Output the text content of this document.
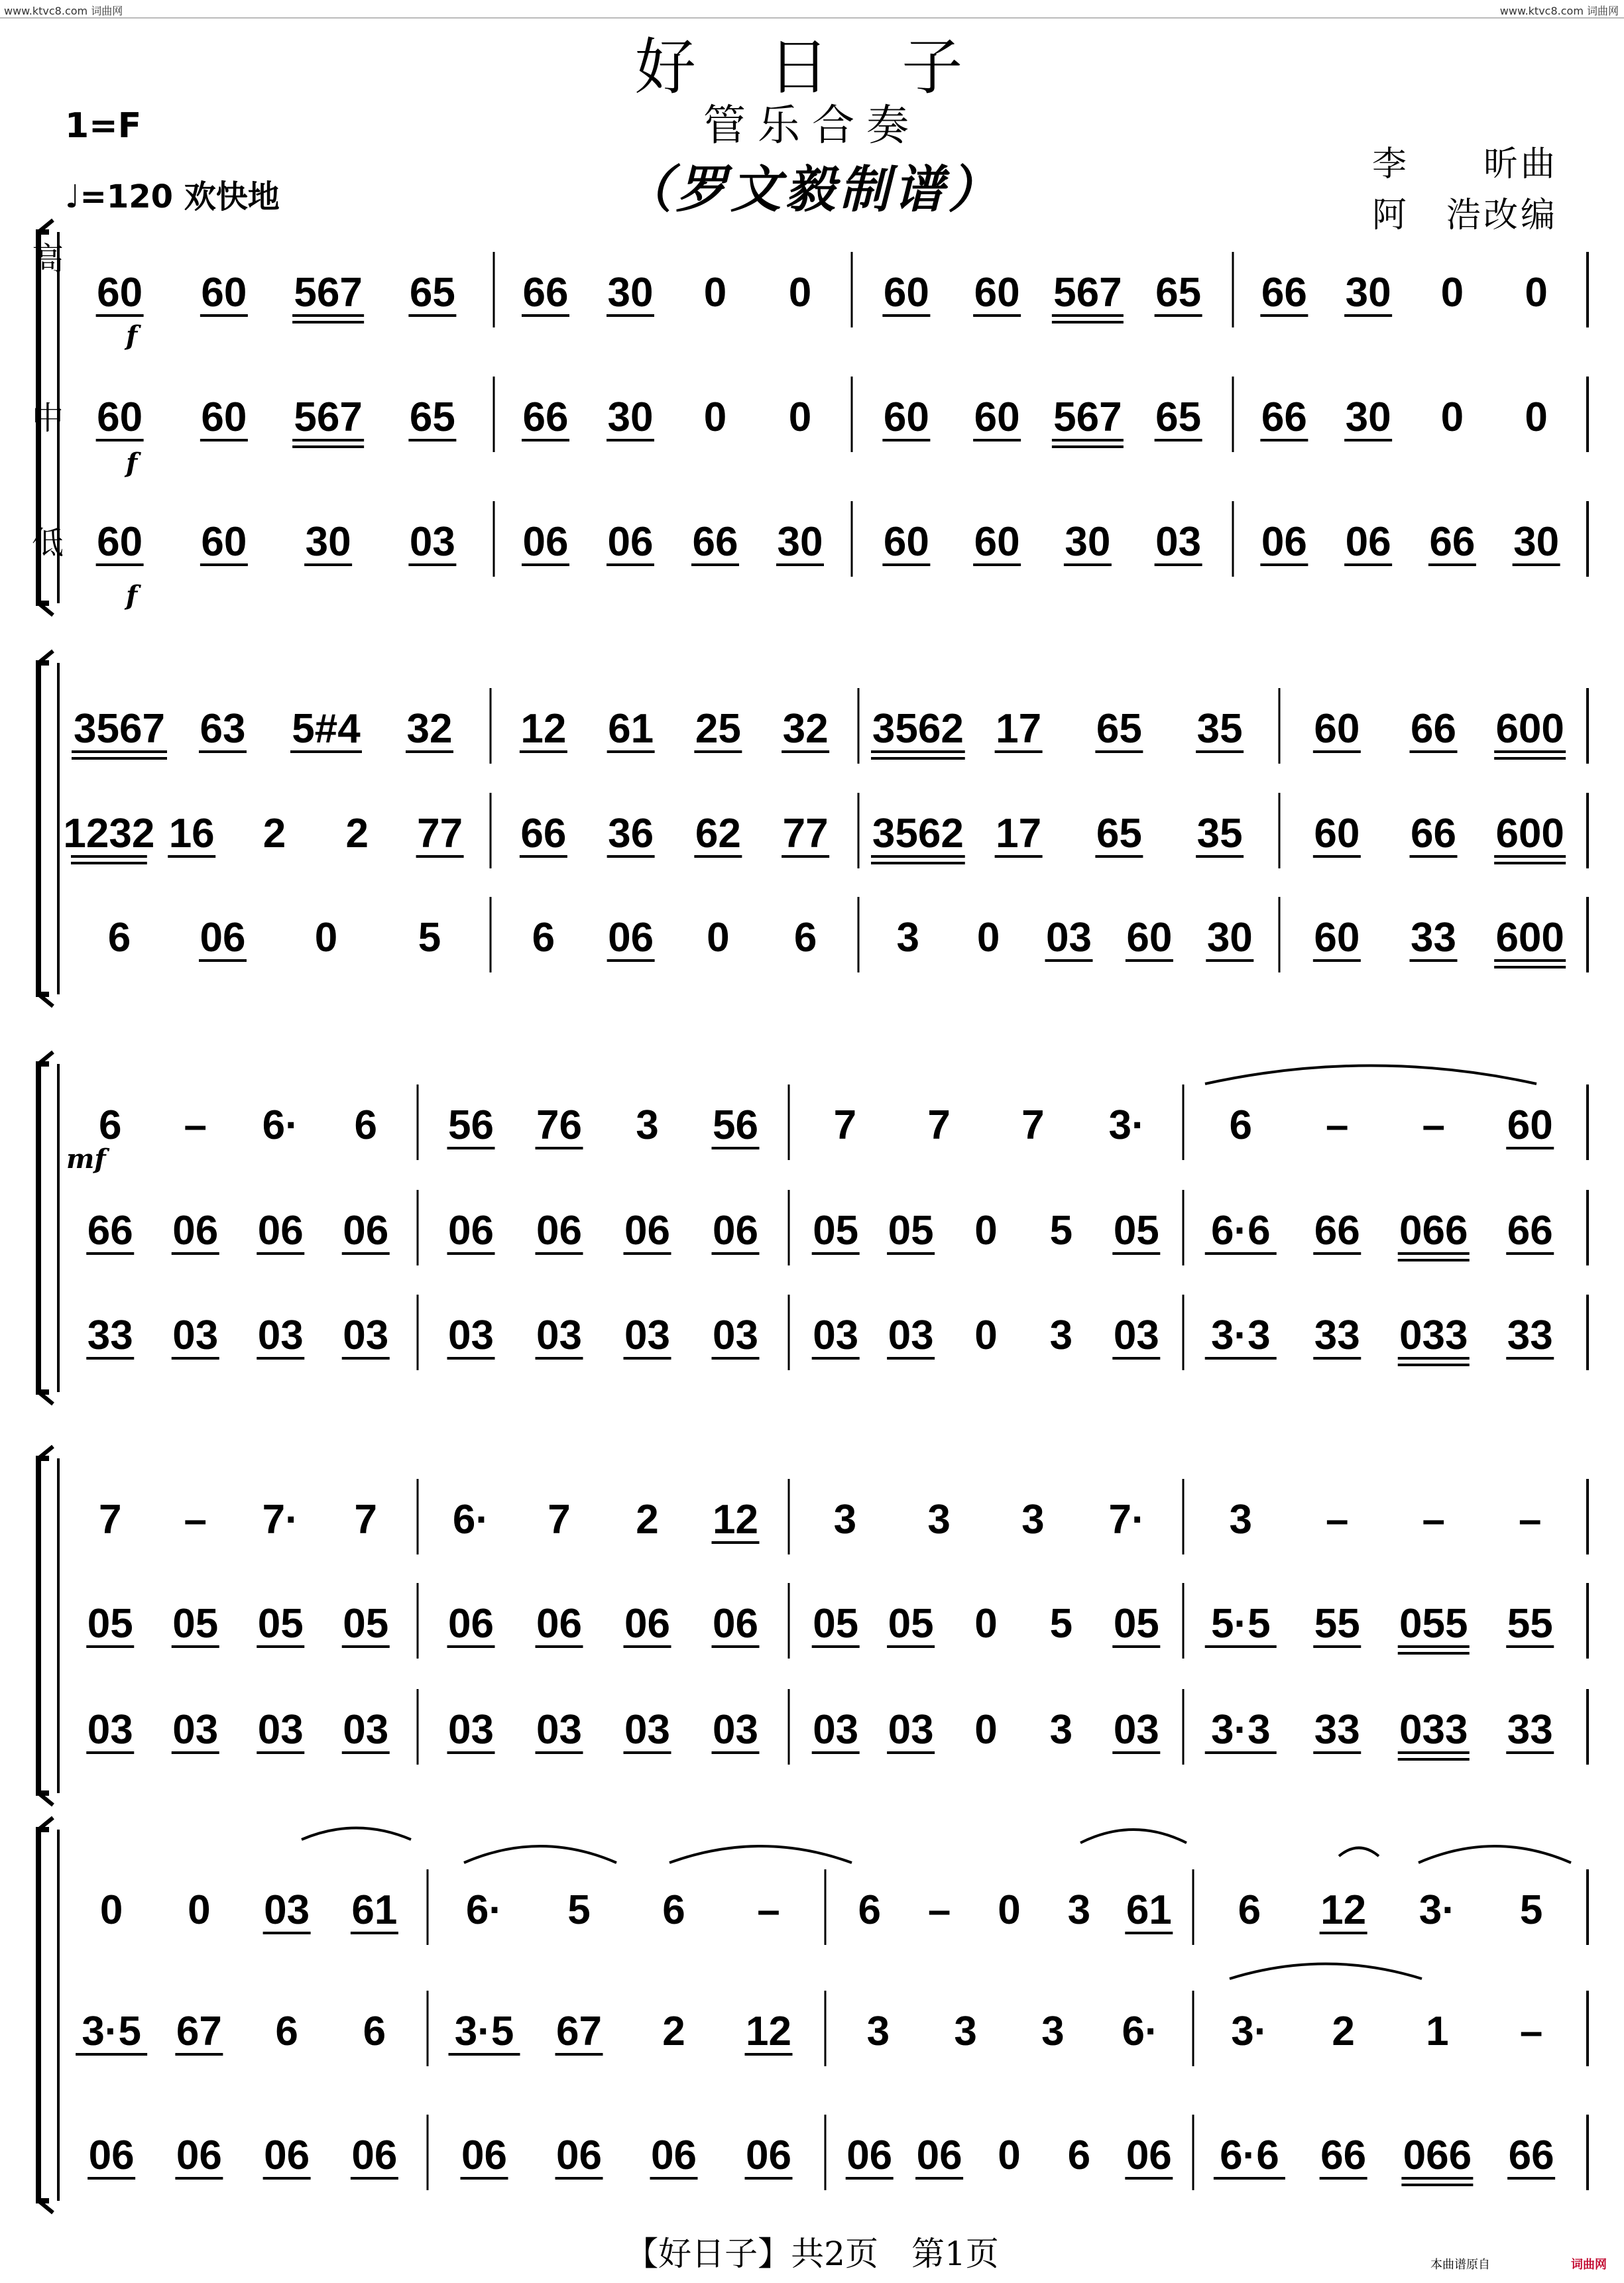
www.ktvc8.com 词曲网	www.ktvc8.com 词曲网
好 日 子
管乐合奏
（罗文毅制谱）
1=F
♩=120 欢快地
李　　昕曲
阿　浩改编
高
中
低
60 60 567 65 66 30 0 0 60 60 567 65 66 30 0 0
60 60 567 65 66 30 0 0 60 60 567 65 66 30 0 0
60 60 30 03 06 06 66 30 60 60 30 03 06 06 66 30
3567 63 5#4 32 12 61 25 32 3562 17 65 35 60 66 600
1232 16 2 2 77 66 36 62 77 3562 17 65 35 60 66 600
6 06 0 5 6 06 0 6 3 0 03 60 30 60 33 600
6 – 6· 6 56 76 3 56 7 7 7 3· 6 – – 60
66 06 06 06 06 06 06 06 05 05 0 5 05 6·6 66 066 66
33 03 03 03 03 03 03 03 03 03 0 3 03 3·3 33 033 33
7 – 7· 7 6· 7 2 12 3 3 3 7· 3 – – –
05 05 05 05 06 06 06 06 05 05 0 5 05 5·5 55 055 55
03 03 03 03 03 03 03 03 03 03 0 3 03 3·3 33 033 33
0 0 03 61 6· 5 6 – 6 – 0 3 61 6 12 3· 5
3·5 67 6 6 3·5 67 2 12 3 3 3 6· 3· 2 1 –
06 06 06 06 06 06 06 06 06 06 0 6 06 6·6 66 066 66
f
f
f
mf
【好日子】共2页　第1页	本曲谱原自	词曲网
